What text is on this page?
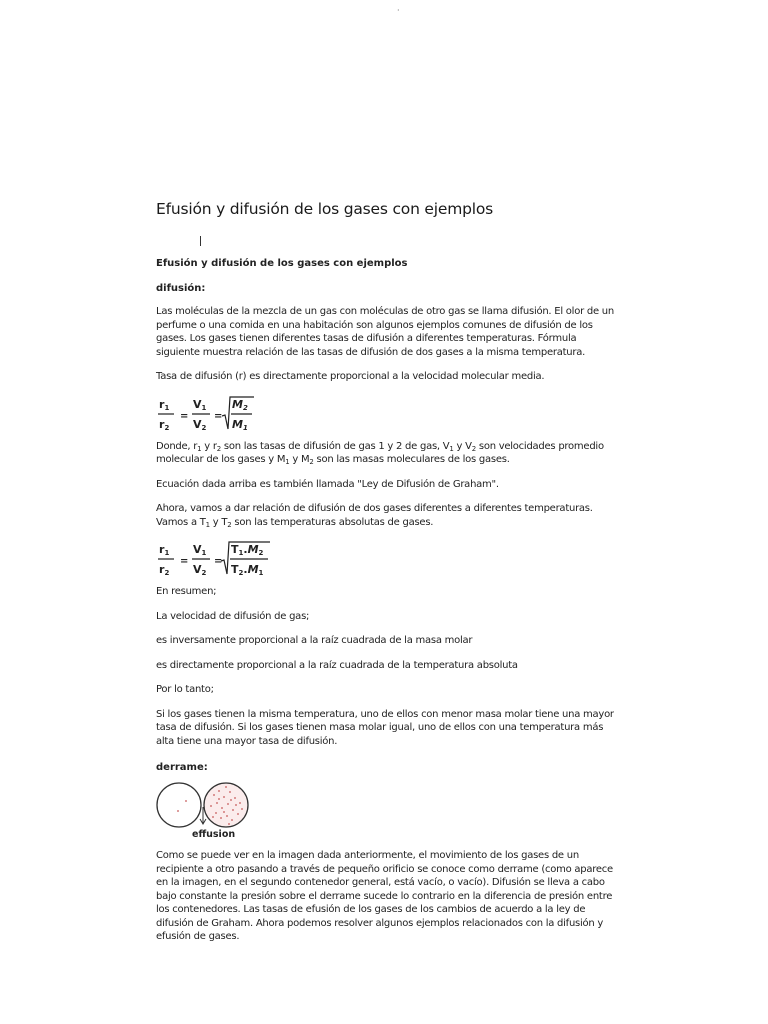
·
Efusión y difusión de los gases con ejemplos
Efusión y difusión de los gases con ejemplos
difusión:

Las moléculas de la mezcla de un gas con moléculas de otro gas se llama difusión. El olor de un perfume o una comida en una habitación son algunos ejemplos comunes de difusión de los gases. Los gases tienen diferentes tasas de difusión a diferentes temperaturas. Fórmula siguiente muestra relación de las tasas de difusión de dos gases a la misma temperatura.

Tasa de difusión (r) es directamente proporcional a la velocidad molecular media.

r1
r2
=
V1
V2
=
M2
M1

Donde, $r_1$ y $r_2$ son las tasas de difusión de gas 1 y 2 de gas, $V_1$ y $V_2$ son velocidades promedio molecular de los gases y $M_1$ y $M_2$ son las masas moleculares de los gases.

Ecuación dada arriba es también llamada "Ley de Difusión de Graham".

Ahora, vamos a dar relación de difusión de dos gases diferentes a diferentes temperaturas. Vamos a $T_1$ y $T_2$ son las temperaturas absolutas de gases.

r1
r2
=
V1
V2
=
T1.M2
T2.M1

En resumen;

La velocidad de difusión de gas;

es inversamente proporcional a la raíz cuadrada de la masa molar

es directamente proporcional a la raíz cuadrada de la temperatura absoluta

Por lo tanto;

Si los gases tienen la misma temperatura, uno de ellos con menor masa molar tiene una mayor tasa de difusión. Si los gases tienen masa molar igual, uno de ellos con una temperatura más alta tiene una mayor tasa de difusión.

derrame:
effusion

Como se puede ver en la imagen dada anteriormente, el movimiento de los gases de un recipiente a otro pasando a través de pequeño orificio se conoce como derrame (como aparece en la imagen, en el segundo contenedor general, está vacío, o vacío). Difusión se lleva a cabo bajo constante la presión sobre el derrame sucede lo contrario en la diferencia de presión entre los contenedores. Las tasas de efusión de los gases de los cambios de acuerdo a la ley de difusión de Graham. Ahora podemos resolver algunos ejemplos relacionados con la difusión y efusión de gases.
